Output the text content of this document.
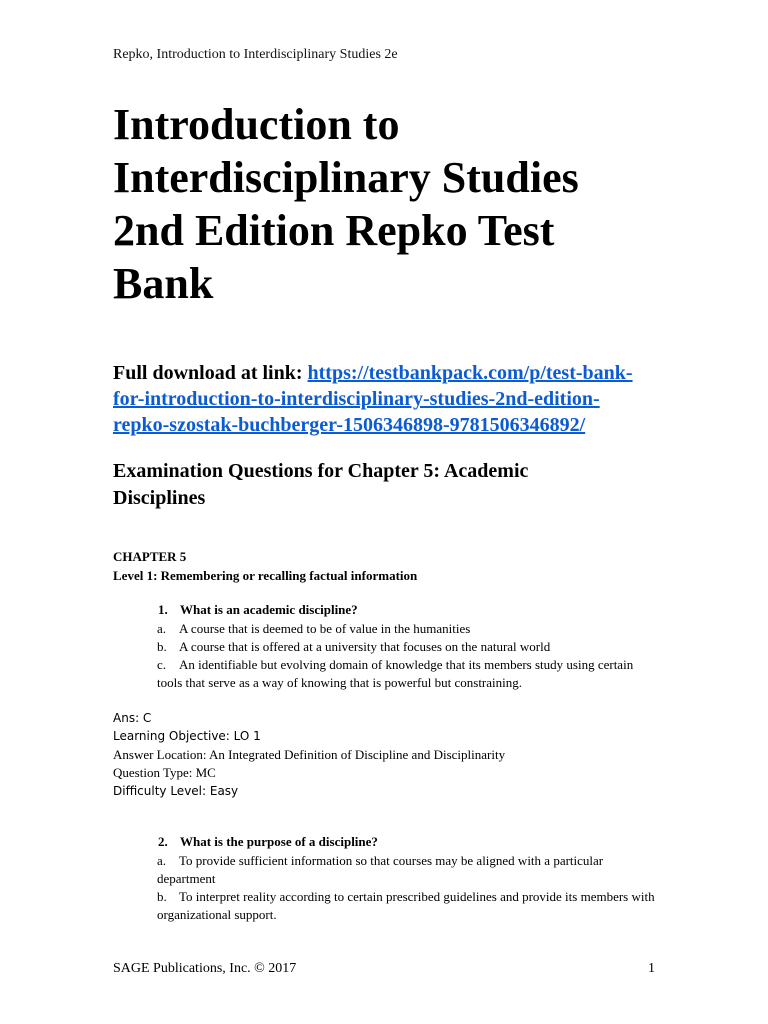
Repko, Introduction to Interdisciplinary Studies 2e
Introduction to
Interdisciplinary Studies
2nd Edition Repko Test
Bank
Full download at link: https://testbankpack.com/p/test-bank-
for-introduction-to-interdisciplinary-studies-2nd-edition-
repko-szostak-buchberger-1506346898-9781506346892/
Examination Questions for Chapter 5: Academic
Disciplines
CHAPTER 5
Level 1: Remembering or recalling factual information
1. What is an academic discipline?
a. A course that is deemed to be of value in the humanities
b. A course that is offered at a university that focuses on the natural world
c. An identifiable but evolving domain of knowledge that its members study using certain tools that serve as a way of knowing that is powerful but constraining.
Ans: C
Learning Objective: LO 1
Answer Location: An Integrated Definition of Discipline and Disciplinarity
Question Type: MC
Difficulty Level: Easy
2. What is the purpose of a discipline?
a. To provide sufficient information so that courses may be aligned with a particular department
b. To interpret reality according to certain prescribed guidelines and provide its members with organizational support.
SAGE Publications, Inc. © 2017	1
